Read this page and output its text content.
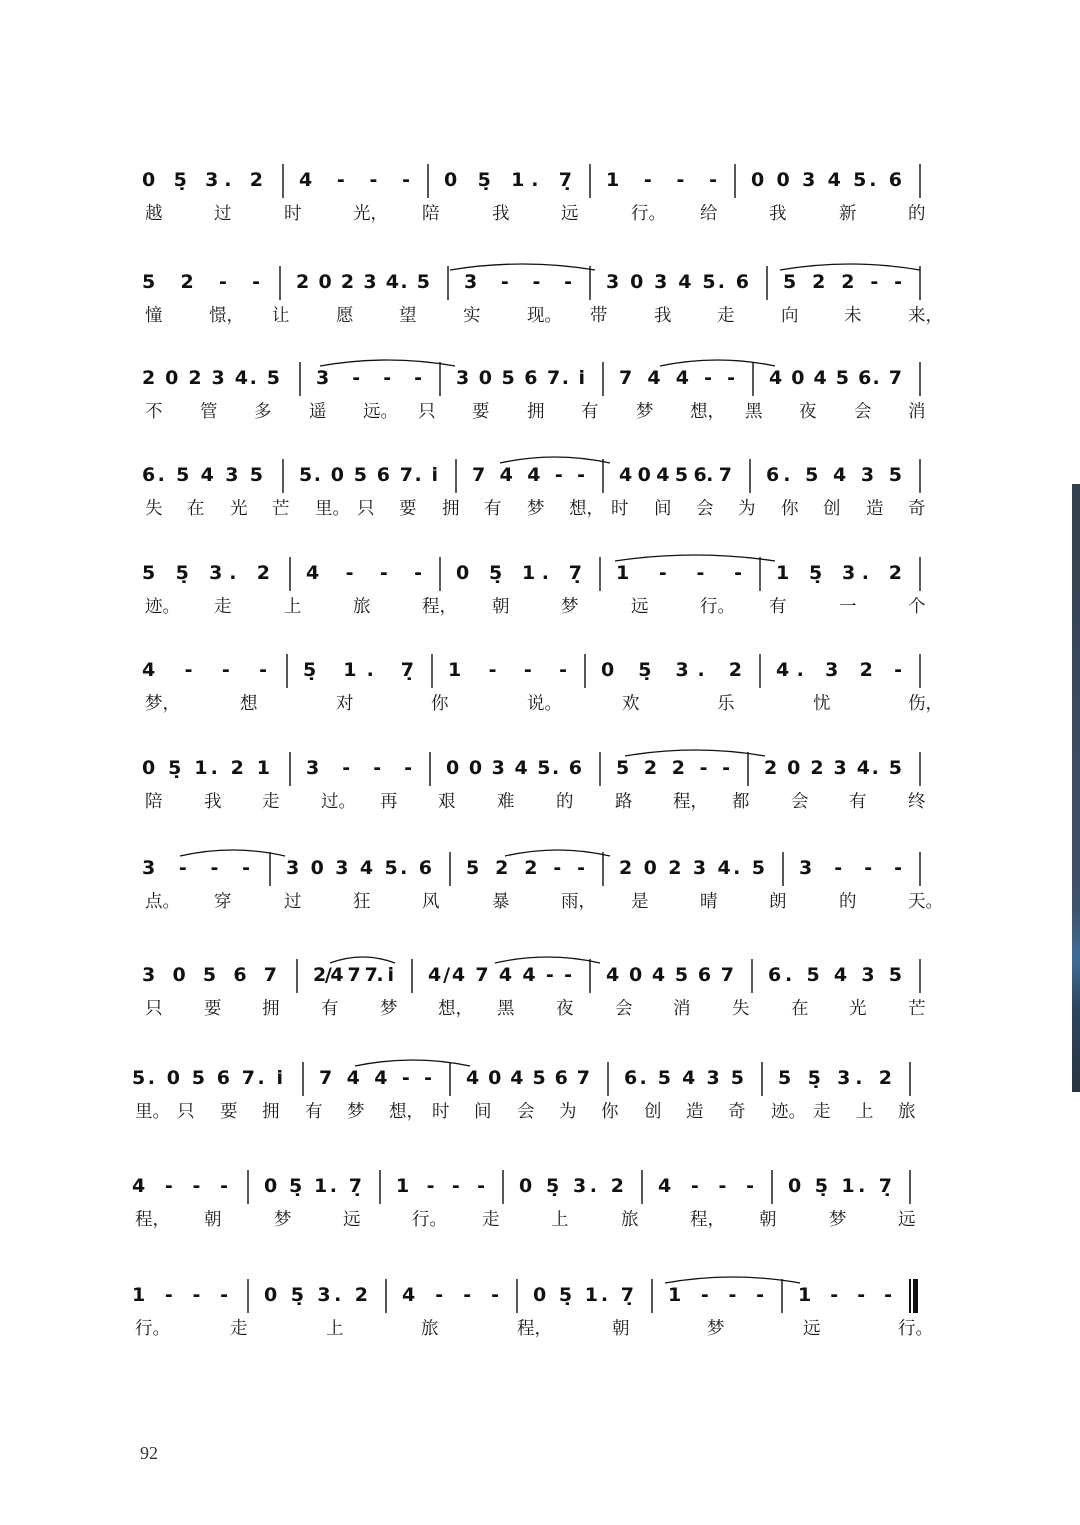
0 5̣ 3. 2 4 - - - 0 5̣ 1. 7̣ 1 - - - 0 0 3 4 5. 6
越	过	时	光， 陪	我	远	行。 给	我	新	的
5 2 - - 2 0 2 3 4. 5 3 - - - 3 0 3 4 5. 6 5 2 2 - -
憧	憬， 让	愿	望	实	现。 带	我	走	向	未	来，
2 0 2 3 4. 5 3 - - - 3 0 5 6 7. i 7 4 4 - - 4 0 4 5 6. 7
不 管 多 遥 远。 只 要 拥 有 梦 想， 黑 夜 会 消
6. 5 4 3 5 5. 0 5 6 7. i 7 4 4 - - 4 0 4 5 6. 7 6. 5 4 3 5
失 在 光 芒 里。 只 要 拥 有 梦 想， 时 间 会 为 你 创 造 奇
5 5̣ 3. 2 4 - - - 0 5̣ 1. 7̣ 1 - - - 1 5̣ 3. 2
迹。 走	上	旅	程， 朝	梦	远	行。 有	一	个
4 - - - 5̣ 1. 7̣ 1 - - - 0 5̣ 3. 2 4. 3 2 -
梦，	想	对	你	说。	欢	乐	忧	伤，
0 5̣ 1. 2 1 3 - - - 0 0 3 4 5. 6 5 2 2 - - 2 0 2 3 4. 5
陪 我 走 过。 再 艰 难 的 路 程， 都 会 有 终
3 - - - 3 0 3 4 5. 6 5 2 2 - - 2 0 2 3 4. 5 3 - - -
点。 穿	过	狂	风	暴	雨， 是	晴	朗	的	天。
3 0 5 6 7 2/4 7 7. i 4/4 7 4 4 - - 4 0 4 5 6 7 6. 5 4 3 5
只 要 拥 有 梦 想， 黑 夜 会 消 失 在 光 芒
5. 0 5 6 7. i 7 4 4 - - 4 0 4 5 6 7 6. 5 4 3 5 5 5̣ 3. 2
里。 只 要 拥 有 梦 想， 时 间 会 为 你 创 造 奇 迹。 走 上 旅
4 - - - 0 5̣ 1. 7̣ 1 - - - 0 5̣ 3. 2 4 - - - 0 5̣ 1. 7̣
程， 朝	梦	远	行。 走	上	旅	程， 朝	梦	远
1 - - - 0 5̣ 3. 2 4 - - - 0 5̣ 1. 7̣ 1 - - - 1 - - -
行。	走	上	旅	程，	朝	梦	远	行。
92
